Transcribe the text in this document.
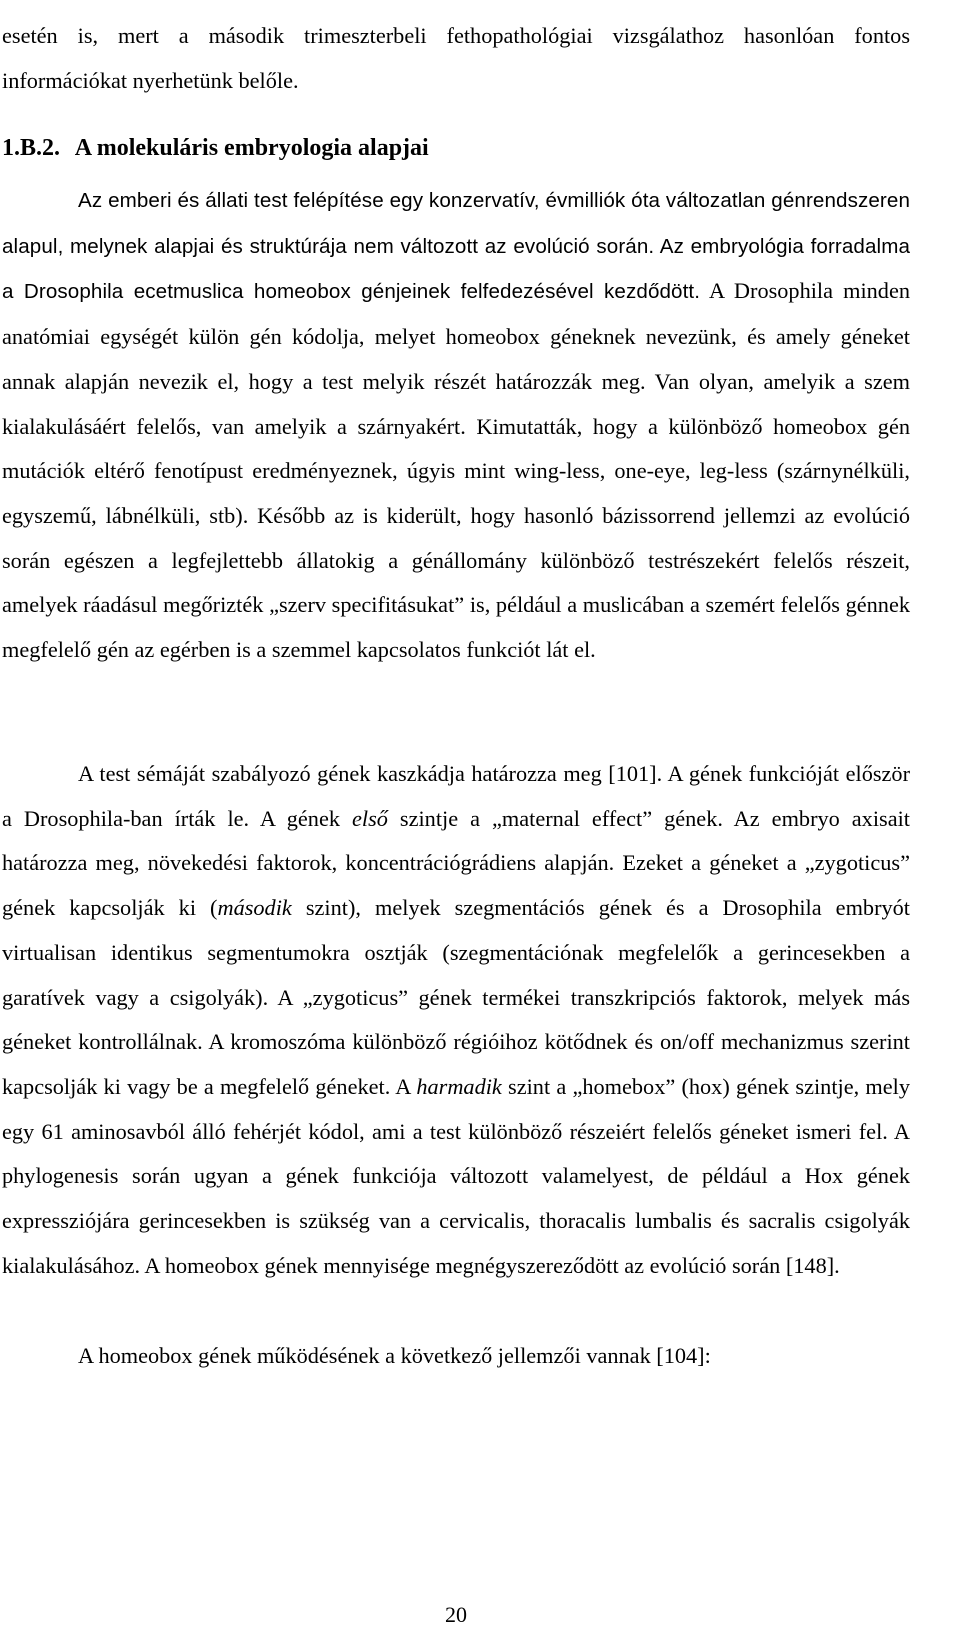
esetén is, mert a második trimeszterbeli fethopathológiai vizsgálathoz hasonlóan fontos információkat nyerhetünk belőle.

1.B.2. A molekuláris embryologia alapjai

Az emberi és állati test felépítése egy konzervatív, évmilliók óta változatlan génrendszeren alapul, melynek alapjai és struktúrája nem változott az evolúció során. Az embryológia forradalma a Drosophila ecetmuslica homeobox génjeinek felfedezésével kezdődött. A Drosophila minden anatómiai egységét külön gén kódolja, melyet homeobox géneknek nevezünk, és amely géneket annak alapján nevezik el, hogy a test melyik részét határozzák meg. Van olyan, amelyik a szem kialakulásáért felelős, van amelyik a szárnyakért. Kimutatták, hogy a különböző homeobox gén mutációk eltérő fenotípust eredményeznek, úgyis mint wing-less, one-eye, leg-less (szárnynélküli, egyszemű, lábnélküli, stb). Később az is kiderült, hogy hasonló bázissorrend jellemzi az evolúció során egészen a legfejlettebb állatokig a génállomány különböző testrészekért felelős részeit, amelyek ráadásul megőrizték „szerv specifitásukat” is, például a muslicában a szemért felelős génnek megfelelő gén az egérben is a szemmel kapcsolatos funkciót lát el.

A test sémáját szabályozó gének kaszkádja határozza meg [101]. A gének funkcióját először a Drosophila-ban írták le. A gének első szintje a „maternal effect” gének. Az embryo axisait határozza meg, növekedési faktorok, koncentrációgrádiens alapján. Ezeket a géneket a „zygoticus” gének kapcsolják ki (második szint), melyek szegmentációs gének és a Drosophila embryót virtualisan identikus segmentumokra osztják (szegmentációnak megfelelők a gerincesekben a garatívek vagy a csigolyák). A „zygoticus” gének termékei transzkripciós faktorok, melyek más géneket kontrollálnak. A kromoszóma különböző régióihoz kötődnek és on/off mechanizmus szerint kapcsolják ki vagy be a megfelelő géneket. A harmadik szint a „homebox” (hox) gének szintje, mely egy 61 aminosavból álló fehérjét kódol, ami a test különböző részeiért felelős géneket ismeri fel. A phylogenesis során ugyan a gének funkciója változott valamelyest, de például a Hox gének expressziójára gerincesekben is szükség van a cervicalis, thoracalis lumbalis és sacralis csigolyák kialakulásához. A homeobox gének mennyisége megnégyszereződött az evolúció során [148].

A homeobox gének működésének a következő jellemzői vannak [104]:

20
